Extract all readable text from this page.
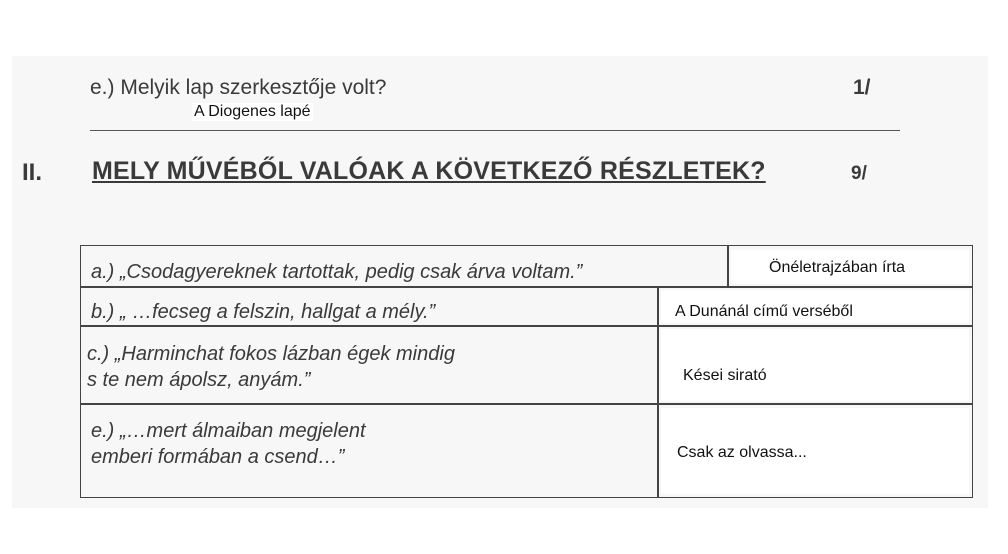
e.) Melyik lap szerkesztője volt?	1/
A Diogenes lapé
II. MELY MŰVÉBŐL VALÓAK A KÖVETKEZŐ RÉSZLETEK?	9/
a.) „Csodagyereknek tartottak, pedig csak árva voltam.”	Önéletrajzában írta
b.) „ …fecseg a felszin, hallgat a mély.”	A Dunánál című verséből
c.) „Harminchat fokos lázban égek mindig
s te nem ápolsz, anyám.”	Kései sirató
e.) „…mert álmaiban megjelent
emberi formában a csend…”	Csak az olvassa...
